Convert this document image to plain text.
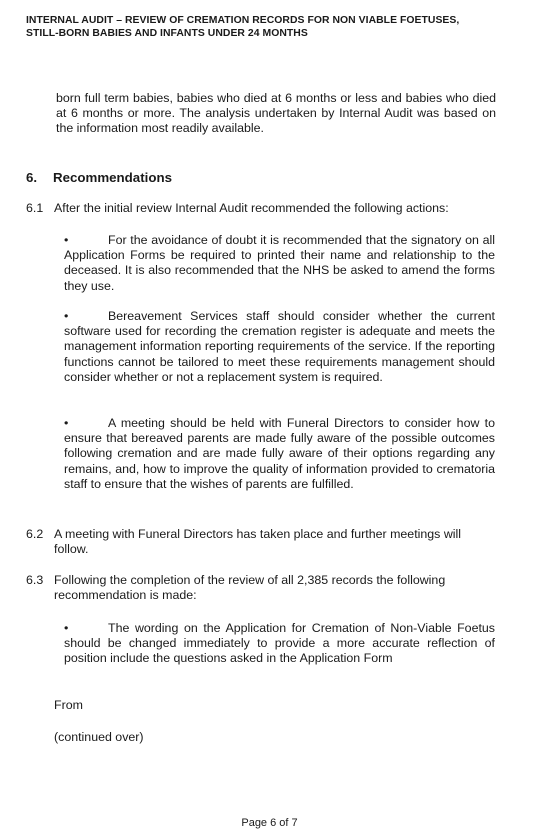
INTERNAL AUDIT – REVIEW OF CREMATION RECORDS FOR NON VIABLE FOETUSES,
STILL-BORN BABIES AND INFANTS UNDER 24 MONTHS
born full term babies, babies who died at 6 months or less and babies who died at 6 months or more. The analysis undertaken by Internal Audit was based on the information most readily available.
6. Recommendations
6.1 After the initial review Internal Audit recommended the following actions:
•	For the avoidance of doubt it is recommended that the signatory on all Application Forms be required to printed their name and relationship to the deceased. It is also recommended that the NHS be asked to amend the forms they use.
•	Bereavement Services staff should consider whether the current software used for recording the cremation register is adequate and meets the management information reporting requirements of the service. If the reporting functions cannot be tailored to meet these requirements management should consider whether or not a replacement system is required.
•	A meeting should be held with Funeral Directors to consider how to ensure that bereaved parents are made fully aware of the possible outcomes following cremation and are made fully aware of their options regarding any remains, and, how to improve the quality of information provided to crematoria staff to ensure that the wishes of parents are fulfilled.
6.2 A meeting with Funeral Directors has taken place and further meetings will follow.
6.3 Following the completion of the review of all 2,385 records the following recommendation is made:
•	The wording on the Application for Cremation of Non-Viable Foetus should be changed immediately to provide a more accurate reflection of position include the questions asked in the Application Form
From
(continued over)
Page 6 of 7
